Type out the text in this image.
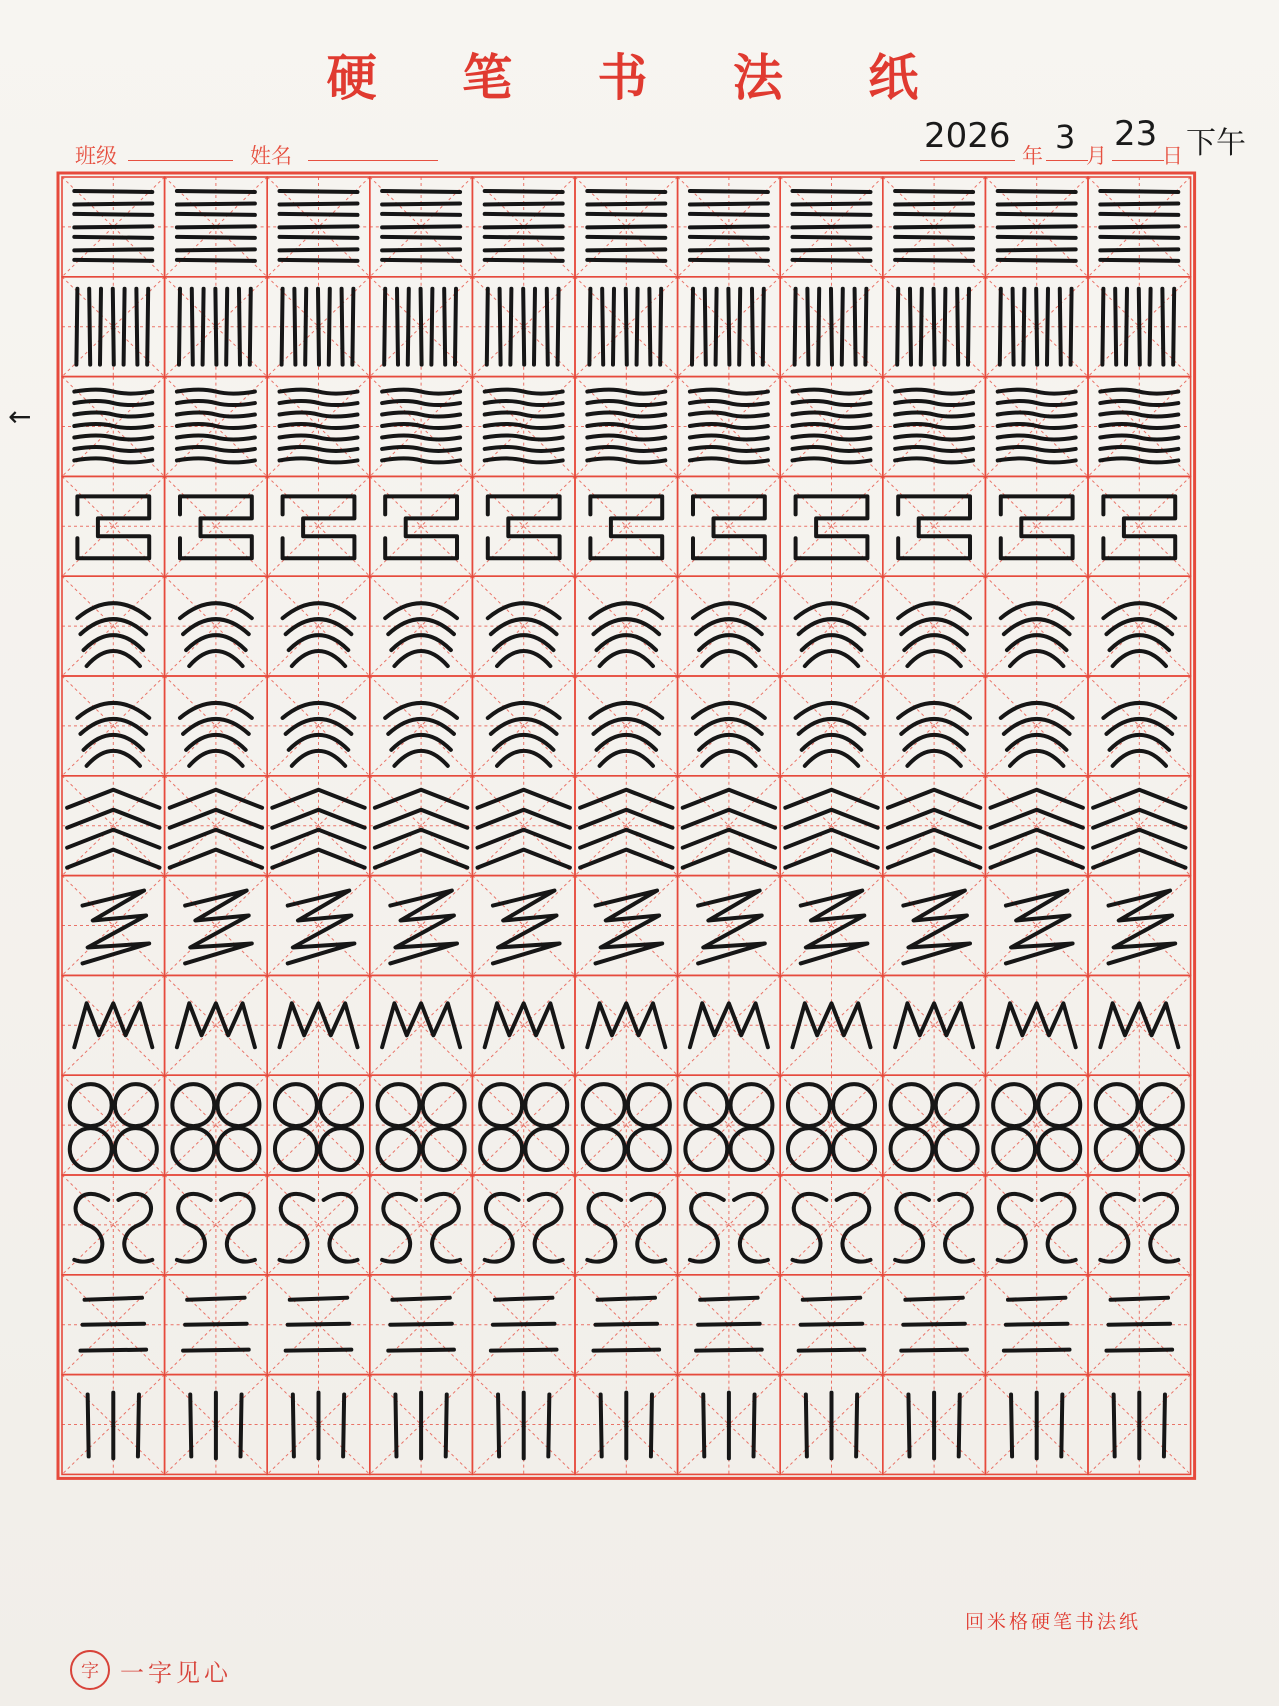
硬 笔 书 法 纸
班级	姓名	2026 年 3 月
23
日 下午
←
回米格硬笔书法纸
字 一字见心
